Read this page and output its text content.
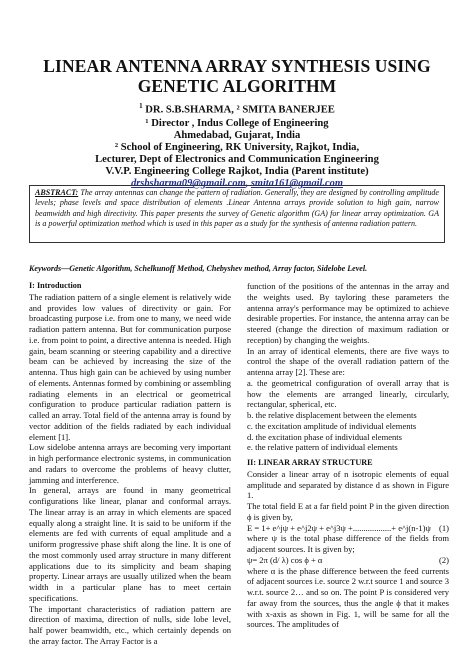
LINEAR ANTENNA ARRAY SYNTHESIS USING
GENETIC ALGORITHM
$^1$ DR. S.B.SHARMA, ² SMITA BANERJEE
¹ Director , Indus College of Engineering
Ahmedabad, Gujarat, India
² School of Engineering, RK University, Rajkot, India,
Lecturer, Dept of Electronics and Communication Engineering
V.V.P. Engineering College Rajkot, India (Parent institute)
drsbsharma09@gmail.com, smita161@gmail.com
ABSTRACT: The array antennas can change the pattern of radiation. Generally, they are designed by controlling amplitude levels; phase levels and space distribution of elements .Linear Antenna arrays provide solution to high gain, narrow beamwidth and high directivity. This paper presents the survey of Genetic algorithm (GA) for linear array optimization. GA is a powerful optimization method which is used in this paper as a study for the synthesis of antenna radiation pattern.
Keywords—Genetic Algorithm, Schelkunoff Method, Chebyshev method, Array factor, Sidelobe Level.

I: Introduction

The radiation pattern of a single element is relatively wide and provides low values of directivity or gain. For broadcasting purpose i.e. from one to many, we need wide radiation pattern antenna. But for communication purpose i.e. from point to point, a directive antenna is needed. High gain, beam scanning or steering capability and a directive beam can be achieved by increasing the size of the antenna. Thus high gain can be achieved by using number of elements. Antennas formed by combining or assembling radiating elements in an electrical or geometrical configuration to produce particular radiation pattern is called an array. Total field of the antenna array is found by vector addition of the fields radiated by each individual element [1].

Low sidelobe antenna arrays are becoming very important in high performance electronic systems, in communication and radars to overcome the problems of heavy clutter, jamming and interference.

In general, arrays are found in many geometrical configurations like linear, planar and conformal arrays. The linear array is an array in which elements are spaced equally along a straight line. It is said to be uniform if the elements are fed with currents of equal amplitude and a uniform progressive phase shift along the line. It is one of the most commonly used array structure in many different applications due to its simplicity and beam shaping property. Linear arrays are usually utilized when the beam width in a particular plane has to meet certain specifications.

The important characteristics of radiation pattern are direction of maxima, direction of nulls, side lobe level, half power beamwidth, etc., which certainly depends on the array factor. The Array Factor is a

function of the positions of the antennas in the array and the weights used. By tayloring these parameters the antenna array's performance may be optimized to achieve desirable properties. For instance, the antenna array can be steered (change the direction of maximum radiation or reception) by changing the weights.

In an array of identical elements, there are five ways to control the shape of the overall radiation pattern of the antenna array [2]. These are:

a. the geometrical configuration of overall array that is how the elements are arranged linearly, circularly, rectangular, spherical, etc.

b. the relative displacement between the elements

c. the excitation amplitude of individual elements

d. the excitation phase of individual elements

e. the relative pattern of individual elements

II: LINEAR ARRAY STRUCTURE

Consider a linear array of n isotropic elements of equal amplitude and separated by distance d as shown in Figure 1.

The total field E at a far field point P in the given direction ϕ is given by,

E = 1+ e^jψ + e^j2ψ + e^j3ψ +..................+ e^j(n-1)ψ (1)

where ψ is the total phase difference of the fields from adjacent sources. It is given by;

ψ= 2π (d/ λ) cos ϕ + α	(2)

where α is the phase difference between the feed currents of adjacent sources i.e. source 2 w.r.t source 1 and source 3 w.r.t. source 2… and so on. The point P is considered very far away from the sources, thus the angle ϕ that it makes with x-axis as shown in Fig. 1, will be same for all the sources. The amplitudes of
